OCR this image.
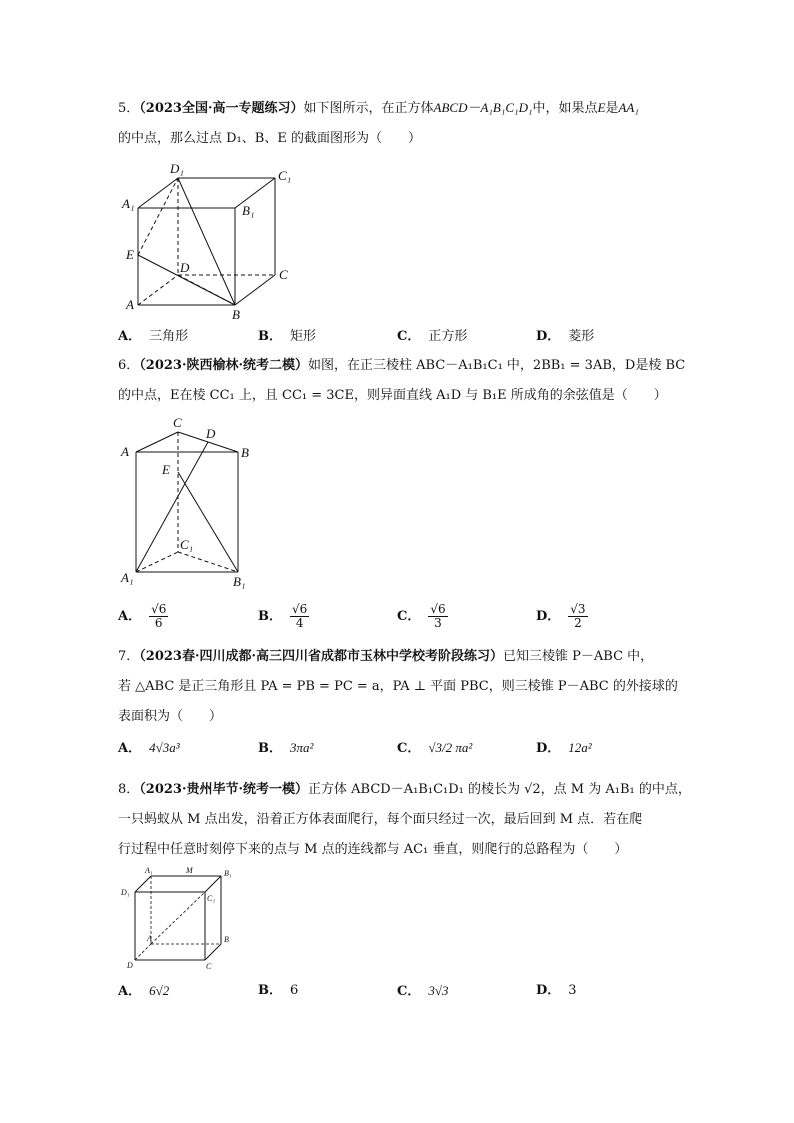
5．（2023全国·高一专题练习）如下图所示，在正方体ABCD－A₁B₁C₁D₁中，如果点E是AA₁
的中点，那么过点 D₁、B、E 的截面图形为（　　）
D₁	C₁
A₁	B₁
E
D	C
A
B
A． 三角形	B． 矩形	C． 正方形	D． 菱形
6．（2023·陕西榆林·统考二模）如图，在正三棱柱 ABC－A₁B₁C₁ 中，2BB₁ = 3AB，D是棱 BC
的中点，E在棱 CC₁ 上，且 CC₁ = 3CE，则异面直线 A₁D 与 B₁E 所成角的余弦值是（　　）
C
D
A	B
E
C₁
A₁	B₁
A． $\frac{√6}{6}$	B． $\frac{√6}{4}$	C． $\frac{√6}{3}$	D． $\frac{√3}{2}$
7．（2023春·四川成都·高三四川省成都市玉林中学校考阶段练习）已知三棱锥 P－ABC 中，
若 △ABC 是正三角形且 PA = PB = PC = a，PA ⊥ 平面 PBC，则三棱锥 P－ABC 的外接球的
表面积为（　　）
A． 4√3a³	B． 3πa²	C． √3/2 πa²	D． 12a²
8．（2023·贵州毕节·统考一模）正方体 ABCD－A₁B₁C₁D₁ 的棱长为 √2，点 M 为 A₁B₁ 的中点，
一只蚂蚁从 M 点出发，沿着正方体表面爬行，每个面只经过一次，最后回到 M 点．若在爬
行过程中任意时刻停下来的点与 M 点的连线都与 AC₁ 垂直，则爬行的总路程为（　　）
A₁	M	B₁
D₁
C₁
A	B
D	C
A． 6√2	B． 6	C． 3√3	D． 3
